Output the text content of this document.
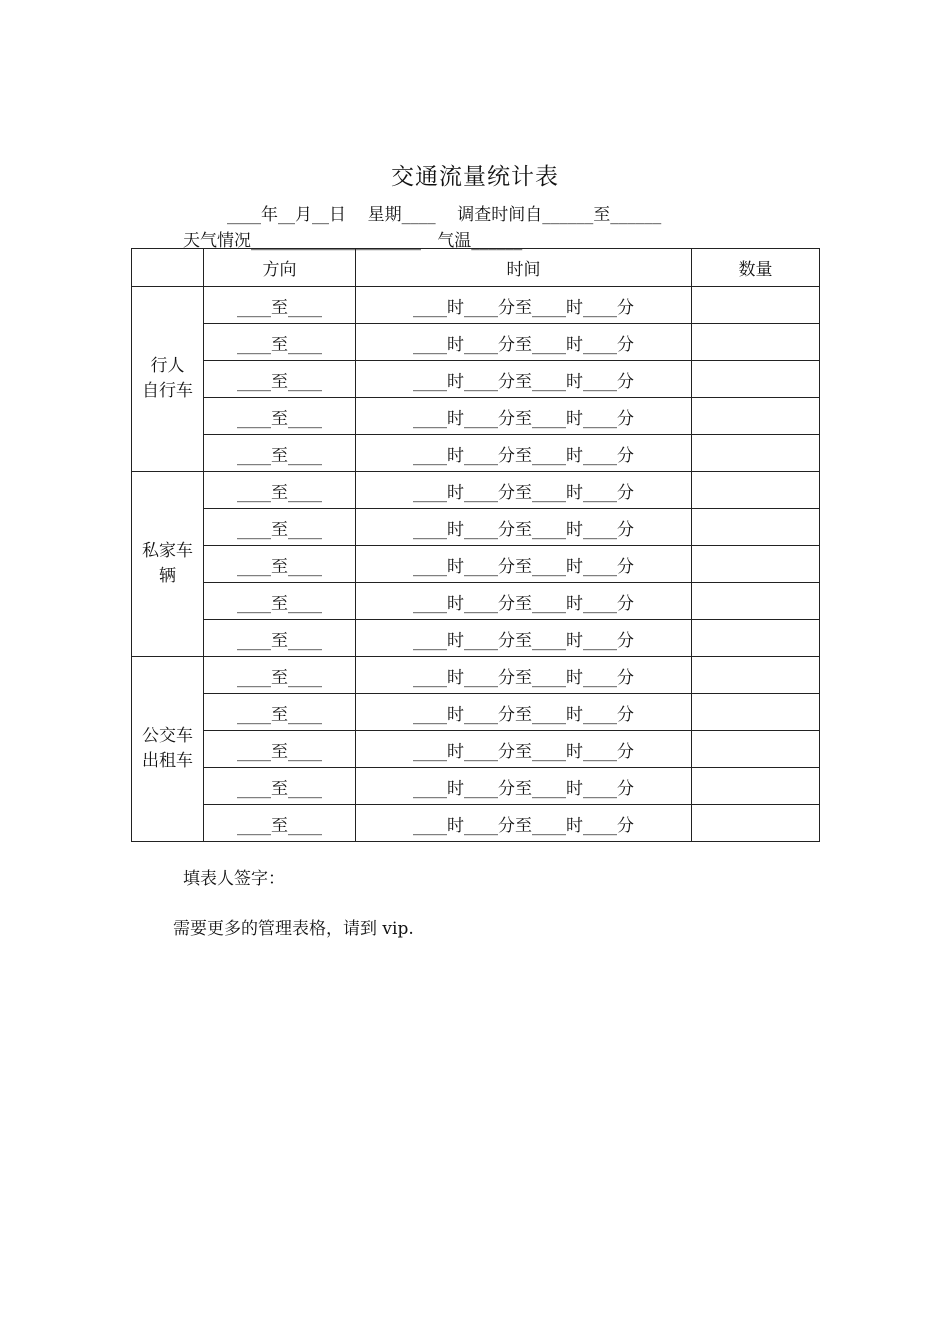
交通流量统计表
____年__月__日    星期____    调查时间自______至______
天气情况____________________   气温______
	方向	时间	数量

行人
自行车	____至____	____时____分至____时____分	
	____至____	____时____分至____时____分	
	____至____	____时____分至____时____分	
	____至____	____时____分至____时____分	
	____至____	____时____分至____时____分	

私家车
辆	____至____	____时____分至____时____分	
	____至____	____时____分至____时____分	
	____至____	____时____分至____时____分	
	____至____	____时____分至____时____分	
	____至____	____时____分至____时____分	

公交车
出租车	____至____	____时____分至____时____分	
	____至____	____时____分至____时____分	
	____至____	____时____分至____时____分	
	____至____	____时____分至____时____分	
	____至____	____时____分至____时____分	
填表人签字：
需要更多的管理表格，请到 vip.
